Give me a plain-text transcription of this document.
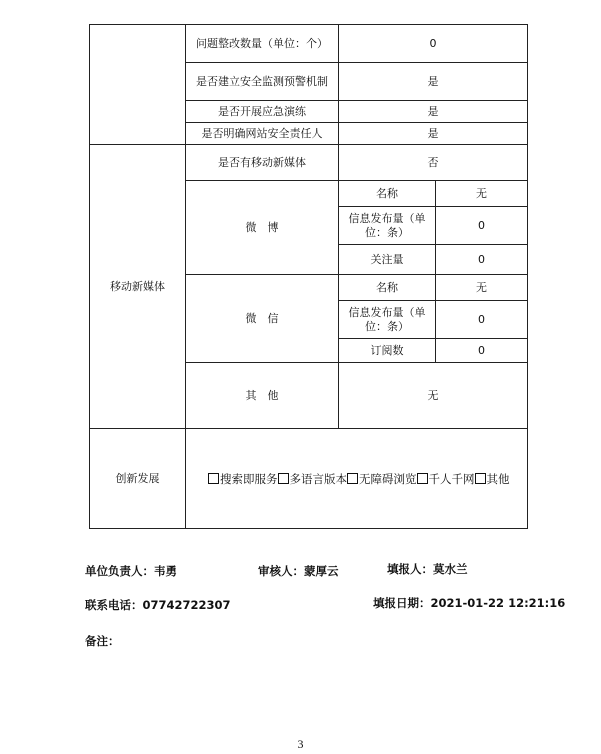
	问题整改数量（单位：个）	0	
	是否建立安全监测预警机制	是	
	是否开展应急演练	是	
	是否明确网站安全责任人	是	
移动新媒体	是否有移动新媒体	否	
	微　博	名称	无
		信息发布量（单位：条）	0
		关注量	0
	微　信	名称	无
		信息发布量（单位：条）	0
		订阅数	0
	其　他	无	
创新发展	搜索即服务 多语言版本 无障碍浏览 千人千网 其他		
单位负责人：韦勇	审核人：蒙厚云	填报人：莫水兰
联系电话：07742722307	填报日期：2021-01-22 12:21:16
备注：
3
